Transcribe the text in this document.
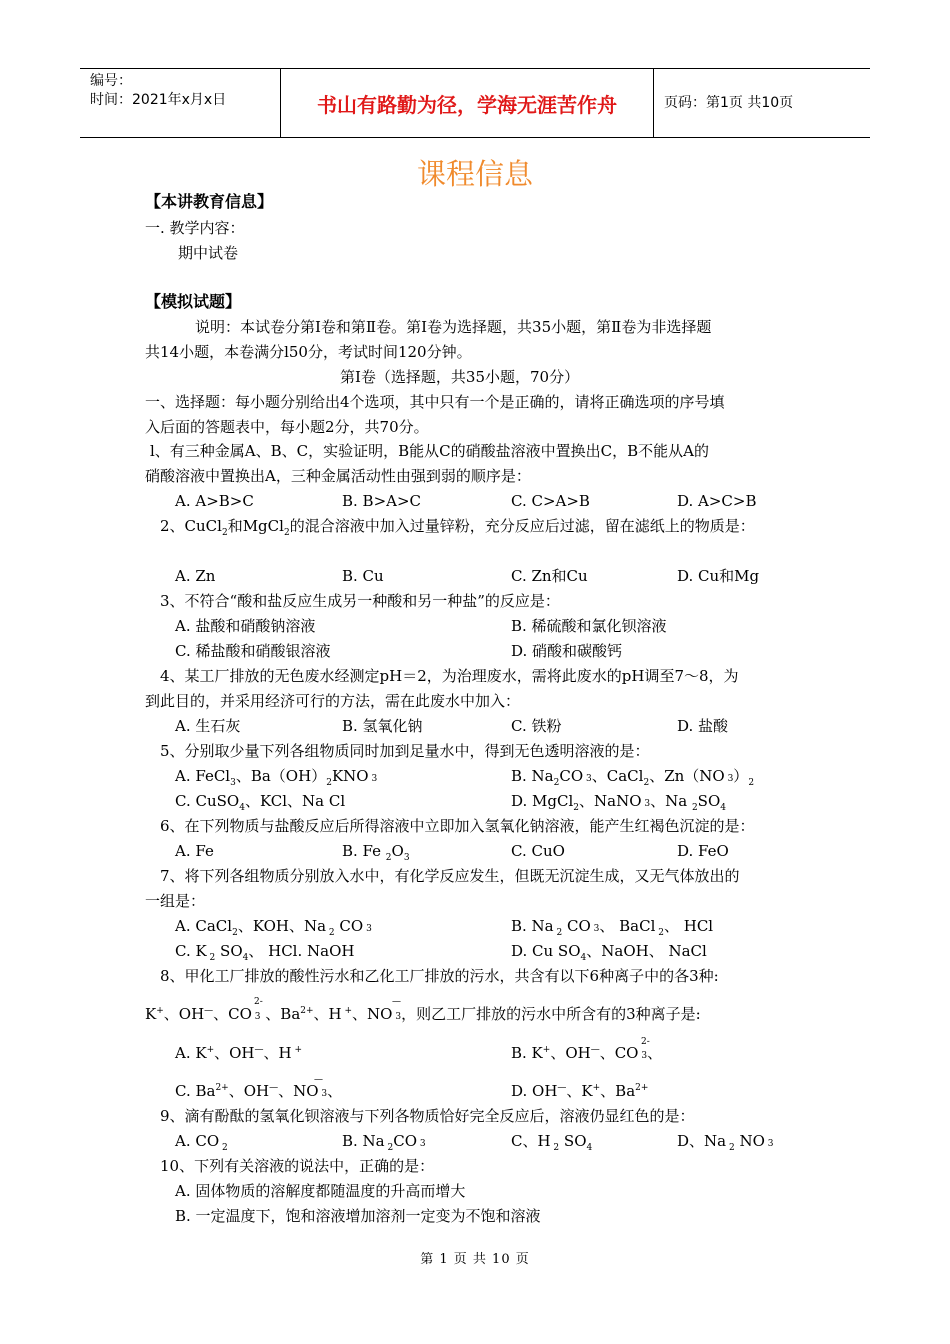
编号：
时间：2021年x月x日	书山有路勤为径，学海无涯苦作舟	页码：第1页 共10页
课程信息
【本讲教育信息】
一. 教学内容：
期中试卷
【模拟试题】
说明：本试卷分第Ⅰ卷和第Ⅱ卷。第Ⅰ卷为选择题，共35小题，第Ⅱ卷为非选择题
共14小题，本卷满分l50分，考试时间120分钟。
第Ⅰ卷（选择题，共35小题，70分）
一、选择题：每小题分别给出4个选项，其中只有一个是正确的，请将正确选项的序号填
入后面的答题表中，每小题2分，共70分。
l、有三种金属A、B、C，实验证明，B能从C的硝酸盐溶液中置换出C，B不能从A的
硝酸溶液中置换出A，三种金属活动性由强到弱的顺序是：
A. A>B>C	B. B>A>C	C. C>A>B	D. A>C>B
2、CuCl$_2$和MgCl$_2$的混合溶液中加入过量锌粉，充分反应后过滤，留在滤纸上的物质是：
A. Zn	B. Cu	C. Zn和Cu	D. Cu和Mg
3、不符合“酸和盐反应生成另一种酸和另一种盐”的反应是：
A. 盐酸和硝酸钠溶液	B. 稀硫酸和氯化钡溶液
C. 稀盐酸和硝酸银溶液	D. 硝酸和碳酸钙
4、某工厂排放的无色废水经测定pH＝2，为治理废水，需将此废水的pH调至7～8，为
到此目的，并采用经济可行的方法，需在此废水中加入：
A. 生石灰	B. 氢氧化钠	C. 铁粉	D. 盐酸
5、分别取少量下列各组物质同时加到足量水中，得到无色透明溶液的是：
A. FeCl$_3$、$Ba(OH)_2KNO$ 3	B. $Na_2CO$ 3、CaCl$_2$、Zn（NO $3)_2$
C. CuSO$_4$、KCl、Na Cl	D. MgCl$_2$、NaNO 3、Na $_2SO_4$
6、在下列物质与盐酸反应后所得溶液中立即加入氢氧化钠溶液，能产生红褐色沉淀的是：
A. Fe	B. Fe $_2O_3$	C. CuO	D. FeO
7、将下列各组物质分别放入水中，有化学反应发生，但既无沉淀生成，又无气体放出的
一组是：
A. CaCl$_2$、KOH、Na $_2$ CO 3	B. Na $_2$ CO 3、 BaCl $_2$、 HCl
C. K $_2$ $SO_4$、 HCl. NaOH	D. Cu $SO_4$、NaOH、 NaCl
8、甲化工厂排放的酸性污水和乙化工厂排放的污水，共含有以下6种离子中的各3种:
2-	—
K+、OH—、CO 3 、$Ba^{2+}$、H +、NO 3，则乙工厂排放的污水中所含有的3种离子是:
2-
A. K+、OH—、H +	B. K+、OH—、CO 3、
—
C. $Ba^{2+}$、OH—、NO 3、	D. OH—、K+、$Ba^{2+}$
9、滴有酚酞的氢氧化钡溶液与下列各物质恰好完全反应后，溶液仍显红色的是：
A. CO $_2$	B. Na $_2$CO 3	C、H $_2$ $SO_4$	D、Na $_2$ NO 3
10、下列有关溶液的说法中，正确的是：
A. 固体物质的溶解度都随温度的升高而增大
B. 一定温度下，饱和溶液增加溶剂一定变为不饱和溶液
第 1 页 共 10 页
